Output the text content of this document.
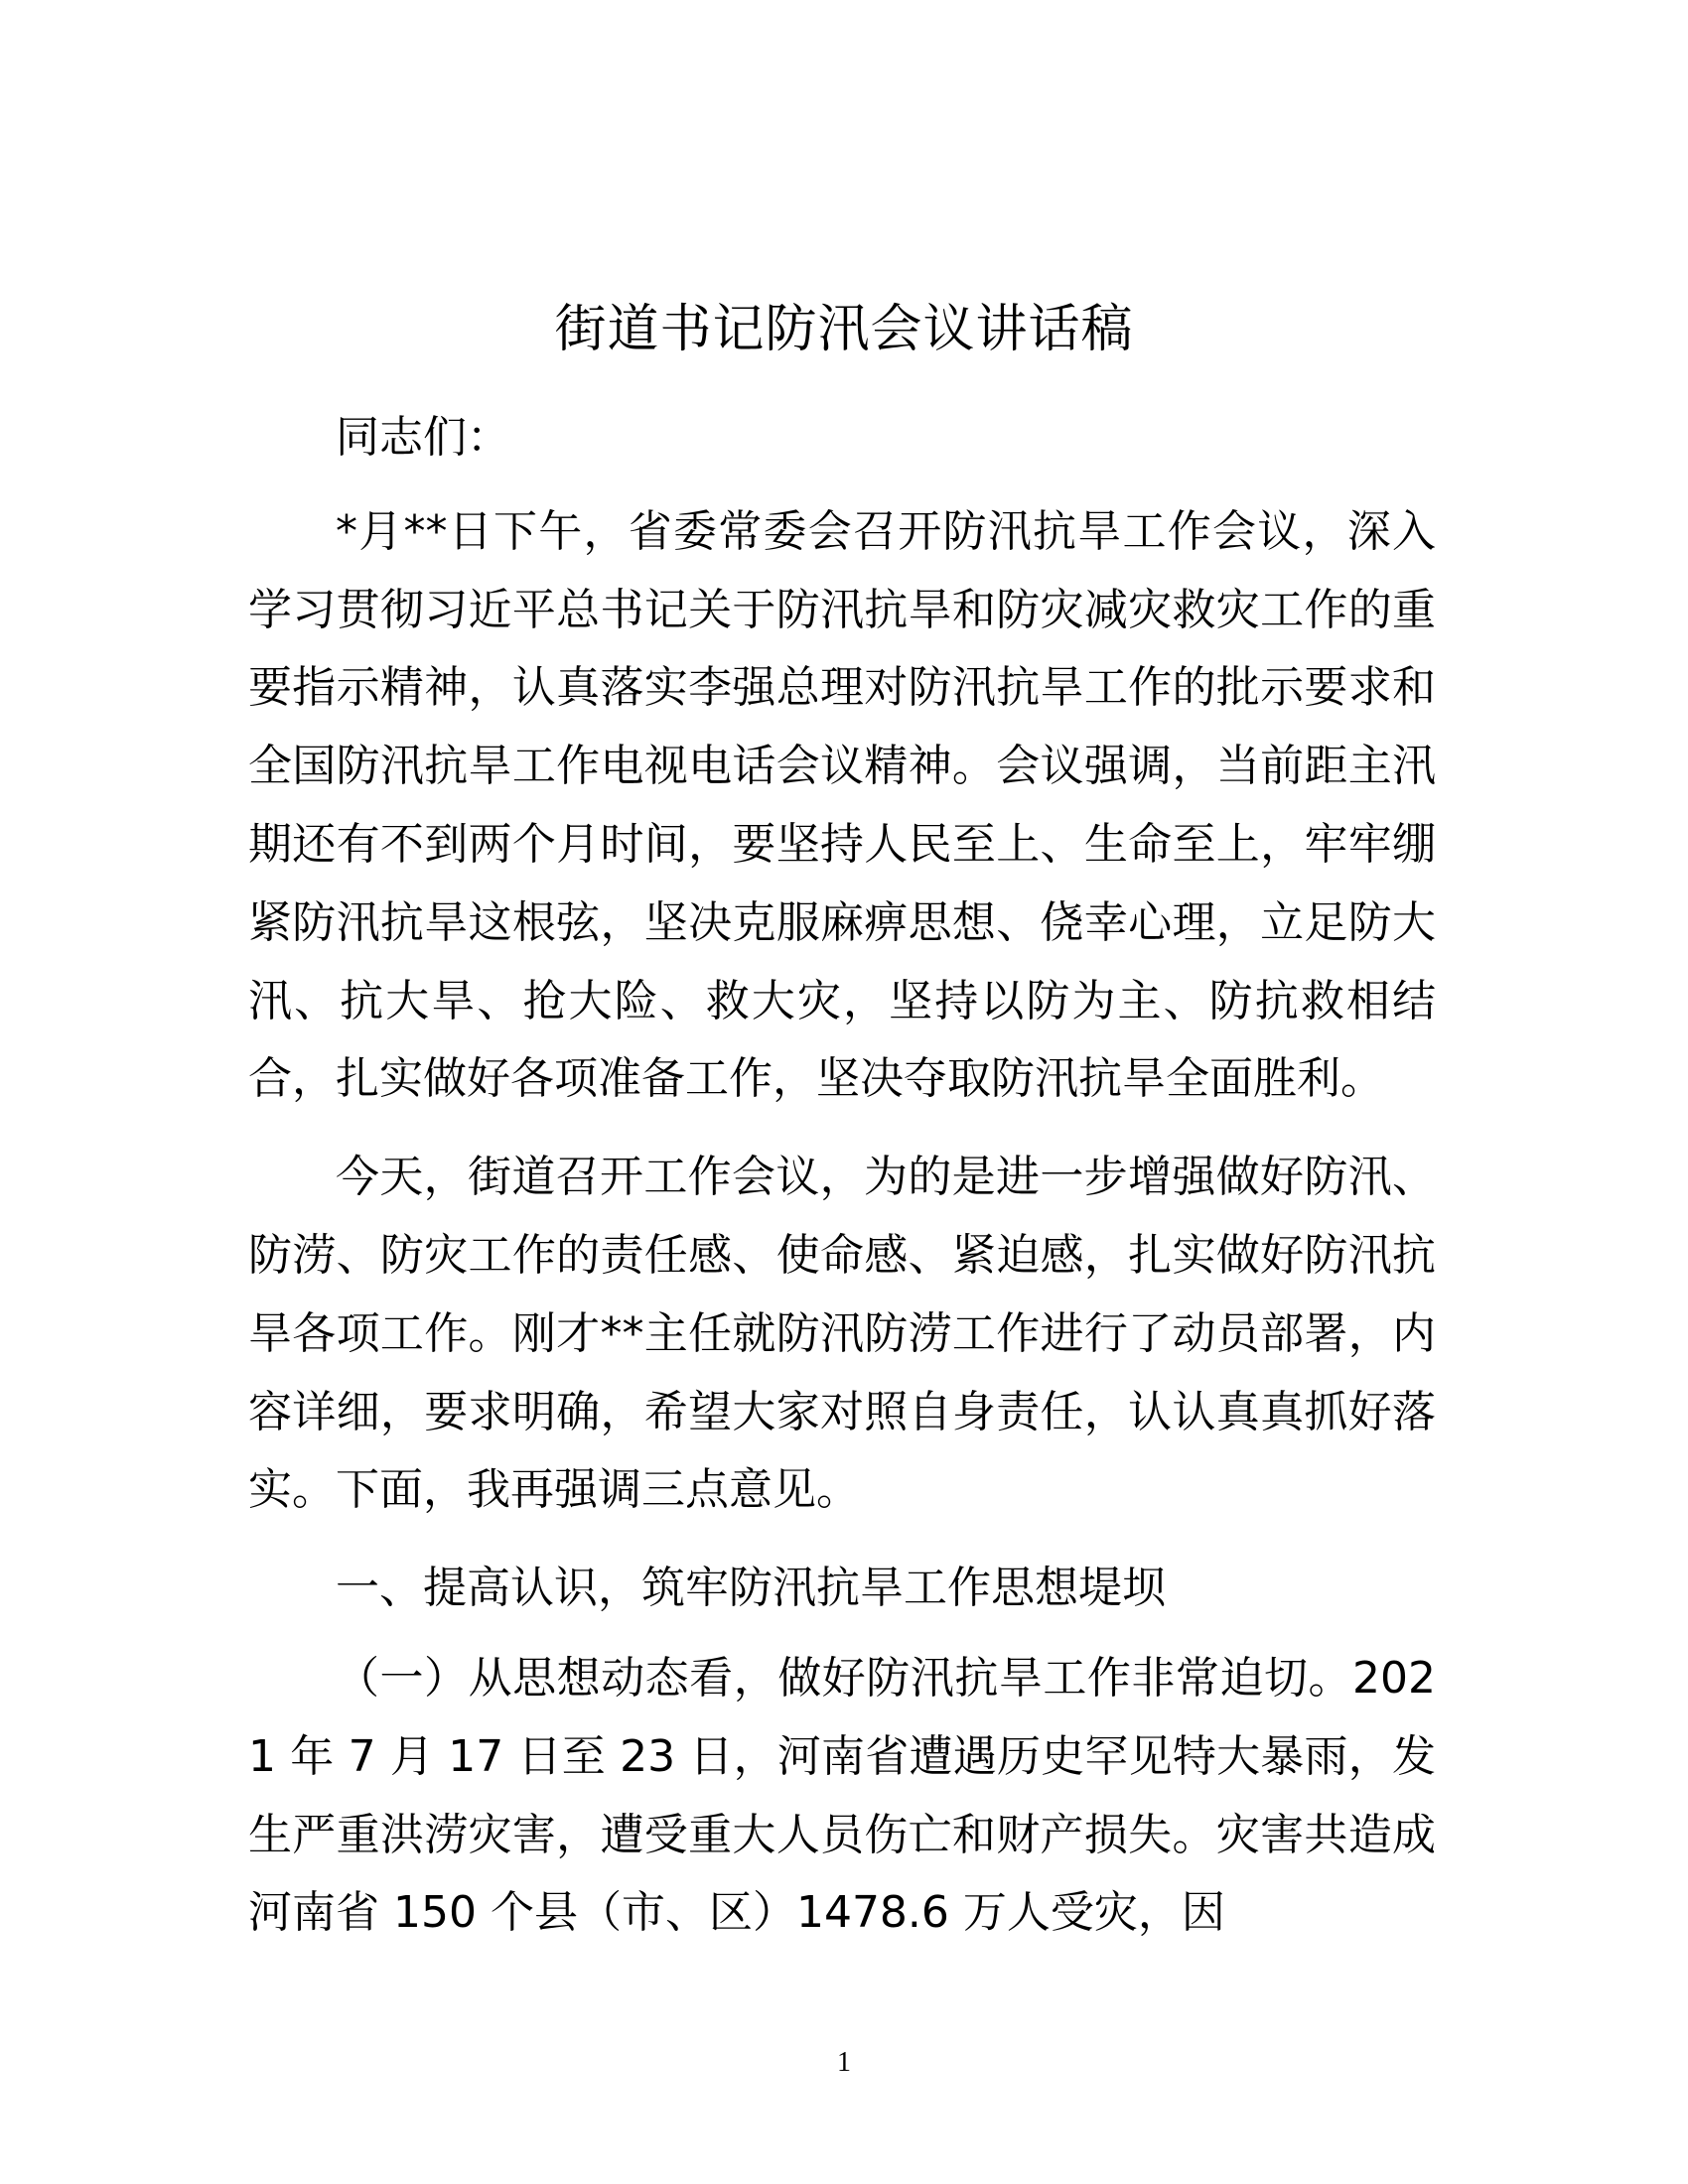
街道书记防汛会议讲话稿

同志们：

*月**日下午，省委常委会召开防汛抗旱工作会议，深入学习贯彻习近平总书记关于防汛抗旱和防灾减灾救灾工作的重要指示精神，认真落实李强总理对防汛抗旱工作的批示要求和全国防汛抗旱工作电视电话会议精神。会议强调，当前距主汛期还有不到两个月时间，要坚持人民至上、生命至上，牢牢绷紧防汛抗旱这根弦，坚决克服麻痹思想、侥幸心理，立足防大汛、抗大旱、抢大险、救大灾，坚持以防为主、防抗救相结合，扎实做好各项准备工作，坚决夺取防汛抗旱全面胜利。

今天，街道召开工作会议，为的是进一步增强做好防汛、防涝、防灾工作的责任感、使命感、紧迫感，扎实做好防汛抗旱各项工作。刚才**主任就防汛防涝工作进行了动员部署，内容详细，要求明确，希望大家对照自身责任，认认真真抓好落实。下面，我再强调三点意见。

一、提高认识，筑牢防汛抗旱工作思想堤坝

（一）从思想动态看，做好防汛抗旱工作非常迫切。2021 年 7 月 17 日至 23 日，河南省遭遇历史罕见特大暴雨，发生严重洪涝灾害，遭受重大人员伤亡和财产损失。灾害共造成河南省 150 个县（市、区）1478.6 万人受灾，因

1
